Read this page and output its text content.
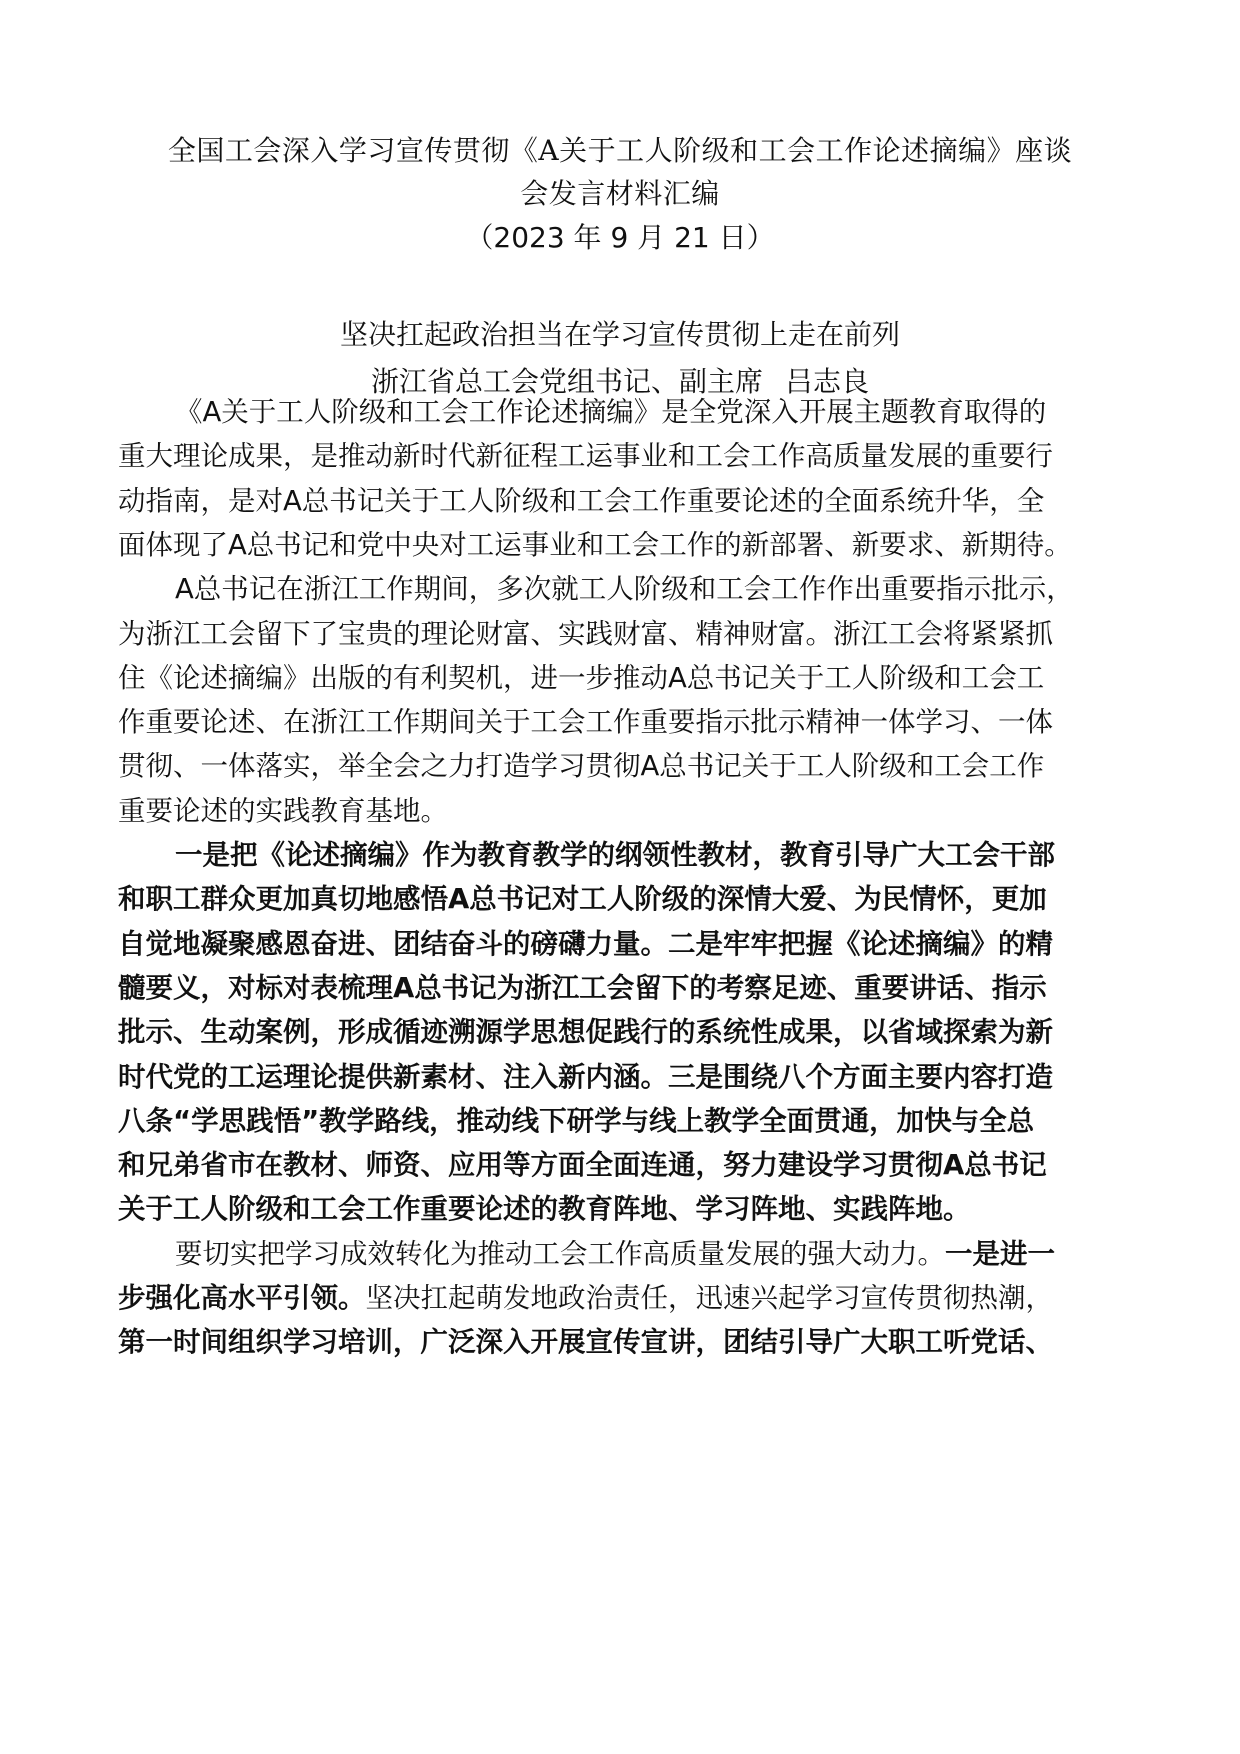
全国工会深入学习宣传贯彻《A关于工人阶级和工会工作论述摘编》座谈
会发言材料汇编
（2023 年 9 月 21 日）
坚决扛起政治担当在学习宣传贯彻上走在前列
浙江省总工会党组书记、副主席 吕志良
《A关于工人阶级和工会工作论述摘编》是全党深入开展主题教育取得的
重大理论成果，是推动新时代新征程工运事业和工会工作高质量发展的重要行
动指南，是对A总书记关于工人阶级和工会工作重要论述的全面系统升华，全
面体现了A总书记和党中央对工运事业和工会工作的新部署、新要求、新期待。
A总书记在浙江工作期间，多次就工人阶级和工会工作作出重要指示批示，
为浙江工会留下了宝贵的理论财富、实践财富、精神财富。浙江工会将紧紧抓
住《论述摘编》出版的有利契机，进一步推动A总书记关于工人阶级和工会工
作重要论述、在浙江工作期间关于工会工作重要指示批示精神一体学习、一体
贯彻、一体落实，举全会之力打造学习贯彻A总书记关于工人阶级和工会工作
重要论述的实践教育基地。
一是把《论述摘编》作为教育教学的纲领性教材，教育引导广大工会干部
和职工群众更加真切地感悟A总书记对工人阶级的深情大爱、为民情怀，更加
自觉地凝聚感恩奋进、团结奋斗的磅礴力量。二是牢牢把握《论述摘编》的精
髓要义，对标对表梳理A总书记为浙江工会留下的考察足迹、重要讲话、指示
批示、生动案例，形成循迹溯源学思想促践行的系统性成果，以省域探索为新
时代党的工运理论提供新素材、注入新内涵。三是围绕八个方面主要内容打造
八条“学思践悟”教学路线，推动线下研学与线上教学全面贯通，加快与全总
和兄弟省市在教材、师资、应用等方面全面连通，努力建设学习贯彻A总书记
关于工人阶级和工会工作重要论述的教育阵地、学习阵地、实践阵地。
要切实把学习成效转化为推动工会工作高质量发展的强大动力。一是进一
步强化高水平引领。坚决扛起萌发地政治责任，迅速兴起学习宣传贯彻热潮，
第一时间组织学习培训，广泛深入开展宣传宣讲，团结引导广大职工听党话、
